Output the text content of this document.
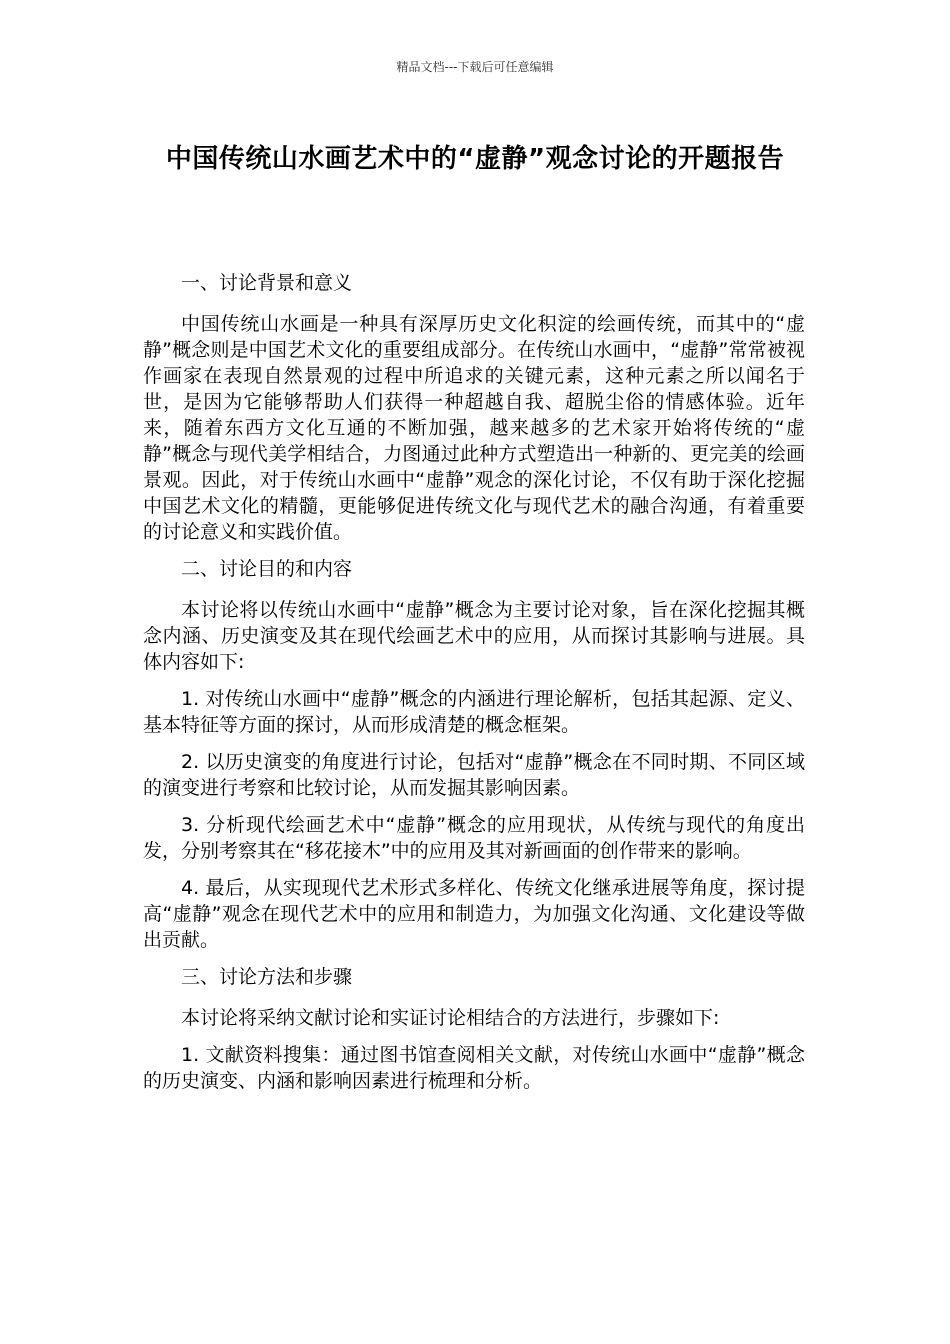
精品文档---下载后可任意编辑
中国传统山水画艺术中的“虚静”观念讨论的开题报告

一、讨论背景和意义

中国传统山水画是一种具有深厚历史文化积淀的绘画传统，而其中的“虚静”概念则是中国艺术文化的重要组成部分。在传统山水画中，“虚静”常常被视作画家在表现自然景观的过程中所追求的关键元素，这种元素之所以闻名于世，是因为它能够帮助人们获得一种超越自我、超脱尘俗的情感体验。近年来，随着东西方文化互通的不断加强，越来越多的艺术家开始将传统的“虚静”概念与现代美学相结合，力图通过此种方式塑造出一种新的、更完美的绘画景观。因此，对于传统山水画中“虚静”观念的深化讨论，不仅有助于深化挖掘中国艺术文化的精髓，更能够促进传统文化与现代艺术的融合沟通，有着重要的讨论意义和实践价值。

二、讨论目的和内容

本讨论将以传统山水画中“虚静”概念为主要讨论对象，旨在深化挖掘其概念内涵、历史演变及其在现代绘画艺术中的应用，从而探讨其影响与进展。具体内容如下:

1. 对传统山水画中“虚静”概念的内涵进行理论解析，包括其起源、定义、基本特征等方面的探讨，从而形成清楚的概念框架。

2. 以历史演变的角度进行讨论，包括对“虚静”概念在不同时期、不同区域的演变进行考察和比较讨论，从而发掘其影响因素。

3. 分析现代绘画艺术中“虚静”概念的应用现状，从传统与现代的角度出发，分别考察其在“移花接木”中的应用及其对新画面的创作带来的影响。

4. 最后，从实现现代艺术形式多样化、传统文化继承进展等角度，探讨提高“虚静”观念在现代艺术中的应用和制造力，为加强文化沟通、文化建设等做出贡献。

三、讨论方法和步骤

本讨论将采纳文献讨论和实证讨论相结合的方法进行，步骤如下:

1. 文献资料搜集：通过图书馆查阅相关文献，对传统山水画中“虚静”概念的历史演变、内涵和影响因素进行梳理和分析。
